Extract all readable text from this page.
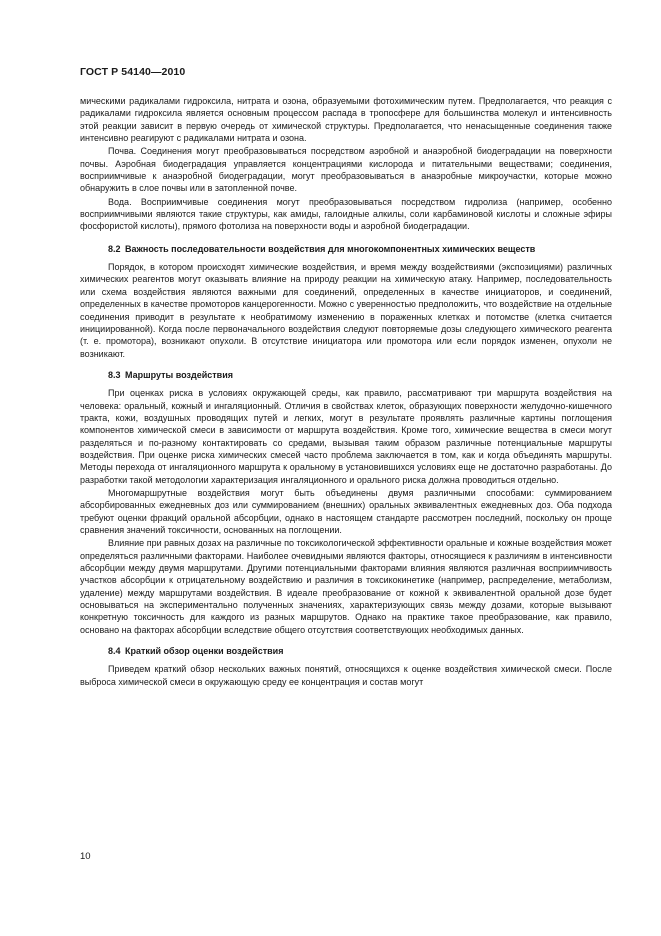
ГОСТ Р 54140—2010

мическими радикалами гидроксила, нитрата и озона, образуемыми фотохимическим путем. Предполагается, что реакция с радикалами гидроксила является основным процессом распада в тропосфере для большинства молекул и интенсивность этой реакции зависит в первую очередь от химической структуры. Предполагается, что ненасыщенные соединения также интенсивно реагируют с радикалами нитрата и озона.

Почва. Соединения могут преобразовываться посредством аэробной и анаэробной биодеградации на поверхности почвы. Аэробная биодеградация управляется концентрациями кислорода и питательными веществами; соединения, восприимчивые к анаэробной биодеградации, могут преобразовываться в анаэробные микроучастки, которые можно обнаружить в слое почвы или в затопленной почве.

Вода. Восприимчивые соединения могут преобразовываться посредством гидролиза (например, особенно восприимчивыми являются такие структуры, как амиды, галоидные алкилы, соли карбаминовой кислоты и сложные эфиры фосфористой кислоты), прямого фотолиза на поверхности воды и аэробной биодеградации.

8.2 Важность последовательности воздействия для многокомпонентных химических веществ

Порядок, в котором происходят химические воздействия, и время между воздействиями (экспозициями) различных химических реагентов могут оказывать влияние на природу реакции на химическую атаку. Например, последовательность или схема воздействия являются важными для соединений, определенных в качестве инициаторов, и соединений, определенных в качестве промоторов канцерогенности. Можно с уверенностью предположить, что воздействие на отдельные соединения приводит в результате к необратимому изменению в пораженных клетках и потомстве (клетка считается инициированной). Когда после первоначального воздействия следуют повторяемые дозы следующего химического реагента (т. е. промотора), возникают опухоли. В отсутствие инициатора или промотора или если порядок изменен, опухоли не возникают.

8.3 Маршруты воздействия

При оценках риска в условиях окружающей среды, как правило, рассматривают три маршрута воздействия на человека: оральный, кожный и ингаляционный. Отличия в свойствах клеток, образующих поверхности желудочно-кишечного тракта, кожи, воздушных проводящих путей и легких, могут в результате проявлять различные картины поглощения компонентов химической смеси в зависимости от маршрута воздействия. Кроме того, химические вещества в смеси могут разделяться и по-разному контактировать со средами, вызывая таким образом различные потенциальные маршруты воздействия. При оценке риска химических смесей часто проблема заключается в том, как и когда объединять маршруты. Методы перехода от ингаляционного маршрута к оральному в установившихся условиях еще не достаточно разработаны. До разработки такой методологии характеризация ингаляционного и орального риска должна проводиться отдельно.

Многомаршрутные воздействия могут быть объединены двумя различными способами: суммированием абсорбированных ежедневных доз или суммированием (внешних) оральных эквивалентных ежедневных доз. Оба подхода требуют оценки фракций оральной абсорбции, однако в настоящем стандарте рассмотрен последний, поскольку он проще сравнения значений токсичности, основанных на поглощении.

Влияние при равных дозах на различные по токсикологической эффективности оральные и кожные воздействия может определяться различными факторами. Наиболее очевидными являются факторы, относящиеся к различиям в интенсивности абсорбции между двумя маршрутами. Другими потенциальными факторами влияния являются различная восприимчивость участков абсорбции к отрицательному воздействию и различия в токсикокинетике (например, распределение, метаболизм, удаление) между маршрутами воздействия. В идеале преобразование от кожной к эквивалентной оральной дозе будет основываться на экспериментально полученных значениях, характеризующих связь между дозами, которые вызывают конкретную токсичность для каждого из разных маршрутов. Однако на практике такое преобразование, как правило, основано на факторах абсорбции вследствие общего отсутствия соответствующих необходимых данных.

8.4 Краткий обзор оценки воздействия

Приведем краткий обзор нескольких важных понятий, относящихся к оценке воздействия химической смеси. После выброса химической смеси в окружающую среду ее концентрация и состав могут

10
